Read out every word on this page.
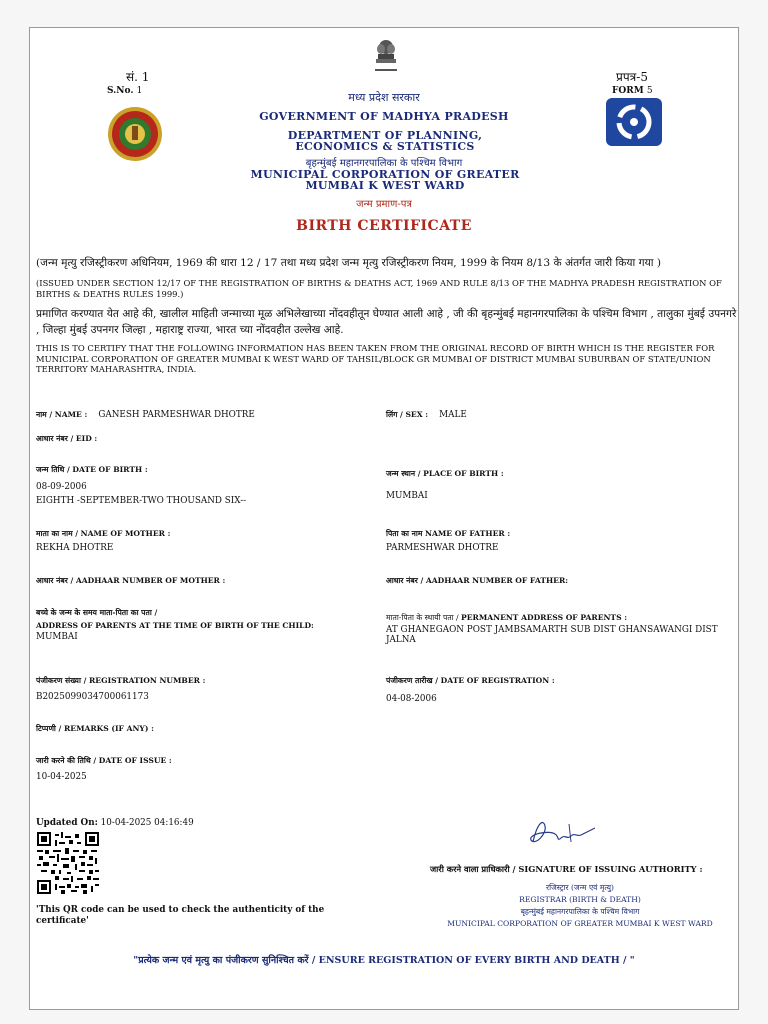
सं. 1
S.No. 1
प्रपत्र-5
FORM 5
मध्य प्रदेश सरकार
GOVERNMENT OF MADHYA PRADESH
DEPARTMENT OF PLANNING, ECONOMICS & STATISTICS
बृहन्मुंबई महानगरपालिका के पश्चिम विभाग
MUNICIPAL CORPORATION OF GREATER MUMBAI K WEST WARD
जन्म प्रमाण-पत्र
BIRTH CERTIFICATE
(जन्म मृत्यु रजिस्ट्रीकरण अधिनियम, 1969 की धारा 12 / 17 तथा मध्य प्रदेश जन्म मृत्यु रजिस्ट्रीकरण नियम, 1999 के नियम 8/13 के अंतर्गत जारी किया गया )
(ISSUED UNDER SECTION 12/17 OF THE REGISTRATION OF BIRTHS & DEATHS ACT, 1969 AND RULE 8/13 OF THE MADHYA PRADESH REGISTRATION OF BIRTHS & DEATHS RULES 1999.)
प्रमाणित करण्यात येत आहे की, खालील माहिती जन्माच्या मूळ अभिलेखाच्या नोंदवहीतून घेण्यात आली आहे , जी की बृहन्मुंबई महानगरपालिका के पश्चिम विभाग , तालुका मुंबई उपनगरे , जिल्हा मुंबई उपनगर जिल्हा , महाराष्ट्र राज्या, भारत च्या नोंदवहीत उल्लेख आहे.
THIS IS TO CERTIFY THAT THE FOLLOWING INFORMATION HAS BEEN TAKEN FROM THE ORIGINAL RECORD OF BIRTH WHICH IS THE REGISTER FOR MUNICIPAL CORPORATION OF GREATER MUMBAI K WEST WARD OF TAHSIL/BLOCK GR MUMBAI OF DISTRICT MUMBAI SUBURBAN OF STATE/UNION TERRITORY MAHARASHTRA, INDIA.
नाम / NAME : GANESH PARMESHWAR DHOTRE	लिंग / SEX : MALE
आधार नंबर / EID :
जन्म तिथि / DATE OF BIRTH :
08-09-2006
EIGHTH -SEPTEMBER-TWO THOUSAND SIX--
जन्म स्थान / PLACE OF BIRTH :
MUMBAI
माता का नाम / NAME OF MOTHER :
REKHA DHOTRE
पिता का नाम NAME OF FATHER :
PARMESHWAR DHOTRE
आधार नंबर / AADHAAR NUMBER OF MOTHER :	आधार नंबर / AADHAAR NUMBER OF FATHER:
बच्चे के जन्म के समय माता-पिता का पता /
ADDRESS OF PARENTS AT THE TIME OF BIRTH OF THE CHILD:
MUMBAI
माता-पिता के स्थायी पता / PERMANENT ADDRESS OF PARENTS :
AT GHANEGAON POST JAMBSAMARTH SUB DIST GHANSAWANGI DIST JALNA
पंजीकरण संख्या / REGISTRATION NUMBER :
B2025099034700061173
पंजीकरण तारीख / DATE OF REGISTRATION :
04-08-2006
टिप्पणी / REMARKS (IF ANY) :
जारी करने की तिथि / DATE OF ISSUE :
10-04-2025
Updated On: 10-04-2025 04:16:49
'This QR code can be used to check the authenticity of the certificate'
जारी करने वाला प्राधिकारी / SIGNATURE OF ISSUING AUTHORITY :
रजिस्ट्रार (जन्म एवं मृत्यु)
REGISTRAR (BIRTH & DEATH)
बृहन्मुंबई महानगरपालिका के पश्चिम विभाग
MUNICIPAL CORPORATION OF GREATER MUMBAI K WEST WARD
"प्रत्येक जन्म एवं मृत्यु का पंजीकरण सुनिश्चित करें / ENSURE REGISTRATION OF EVERY BIRTH AND DEATH / "
